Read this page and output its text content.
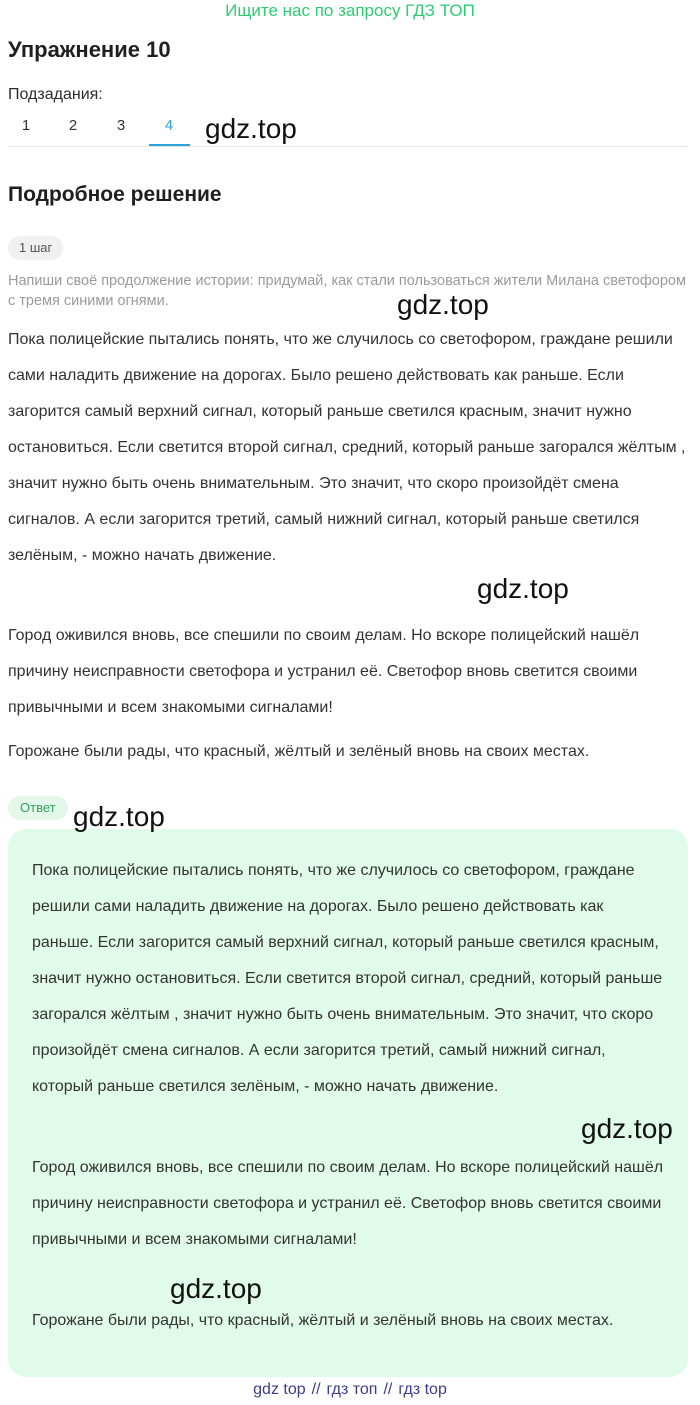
Ищите нас по запросу ГДЗ ТОП
Упражнение 10
Подзадания:
1	2	3	4	gdz.top
Подробное решение
1 шаг
Напиши своё продолжение истории: придумай, как стали пользоваться жители Милана светофором с тремя синими огнями.	gdz.top
Пока полицейские пытались понять, что же случилось со светофором, граждане решили сами наладить движение на дорогах. Было решено действовать как раньше. Если загорится самый верхний сигнал, который раньше светился красным, значит нужно остановиться. Если светится второй сигнал, средний, который раньше загорался жёлтым , значит нужно быть очень внимательным. Это значит, что скоро произойдёт смена сигналов. А если загорится третий, самый нижний сигнал, который раньше светился зелёным, - можно начать движение.
gdz.top
Город оживился вновь, все спешили по своим делам. Но вскоре полицейский нашёл причину неисправности светофора и устранил её. Светофор вновь светится своими привычными и всем знакомыми сигналами!
Горожане были рады, что красный, жёлтый и зелёный вновь на своих местах.
Ответ gdz.top
Пока полицейские пытались понять, что же случилось со светофором, граждане решили сами наладить движение на дорогах. Было решено действовать как раньше. Если загорится самый верхний сигнал, который раньше светился красным, значит нужно остановиться. Если светится второй сигнал, средний, который раньше загорался жёлтым , значит нужно быть очень внимательным. Это значит, что скоро произойдёт смена сигналов. А если загорится третий, самый нижний сигнал, который раньше светился зелёным, - можно начать движение.
gdz.top
Город оживился вновь, все спешили по своим делам. Но вскоре полицейский нашёл причину неисправности светофора и устранил её. Светофор вновь светится своими привычными и всем знакомыми сигналами!
gdz.top
Горожане были рады, что красный, жёлтый и зелёный вновь на своих местах.
gdz top // гдз топ // гдз top
